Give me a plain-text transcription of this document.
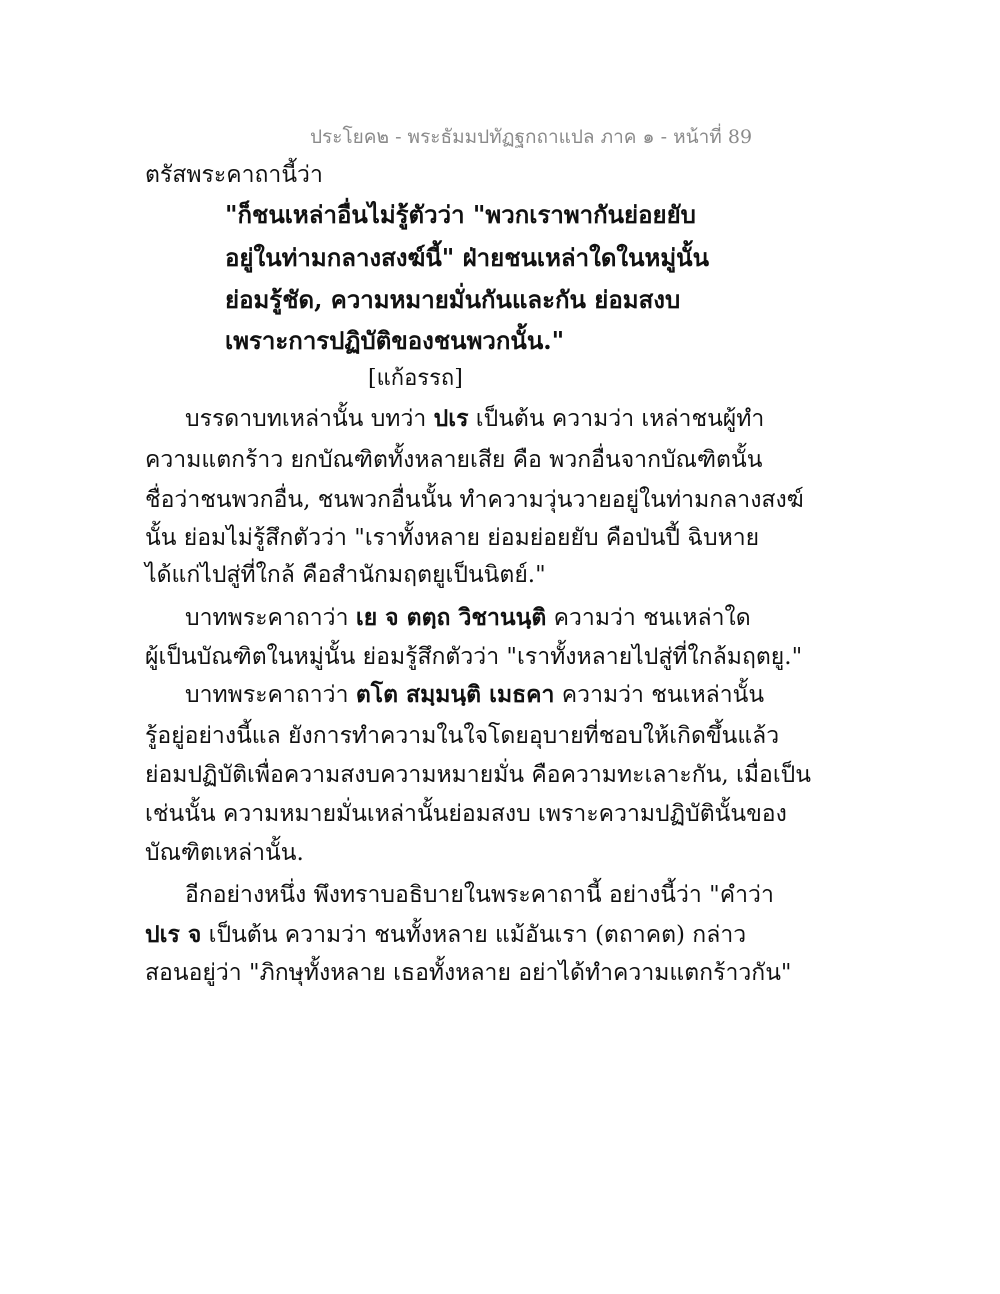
ประโยค๒ - พระธัมมปทัฏฐกถาแปล ภาค ๑ - หน้าที่ 89
ตรัสพระคาถานี้ว่า
"ก็ชนเหล่าอื่นไม่รู้ตัวว่า "พวกเราพากันย่อยยับ
อยู่ในท่ามกลางสงฆ์นี้" ฝ่ายชนเหล่าใดในหมู่นั้น
ย่อมรู้ชัด, ความหมายมั่นกันและกัน ย่อมสงบ
เพราะการปฏิบัติของชนพวกนั้น."
[แก้อรรถ]
บรรดาบทเหล่านั้น บทว่า ปเร เป็นต้น ความว่า เหล่าชนผู้ทำ
ความแตกร้าว ยกบัณฑิตทั้งหลายเสีย คือ พวกอื่นจากบัณฑิตนั้น
ชื่อว่าชนพวกอื่น, ชนพวกอื่นนั้น ทำความวุ่นวายอยู่ในท่ามกลางสงฆ์
นั้น ย่อมไม่รู้สึกตัวว่า "เราทั้งหลาย ย่อมย่อยยับ คือป่นปี้ ฉิบหาย
ได้แก่ไปสู่ที่ใกล้ คือสำนักมฤตยูเป็นนิตย์."
บาทพระคาถาว่า เย จ ตตฺถ วิชานนฺติ ความว่า ชนเหล่าใด
ผู้เป็นบัณฑิตในหมู่นั้น ย่อมรู้สึกตัวว่า "เราทั้งหลายไปสู่ที่ใกล้มฤตยู."
บาทพระคาถาว่า ตโต สมฺมนฺติ เมธคา ความว่า ชนเหล่านั้น
รู้อยู่อย่างนี้แล ยังการทำความในใจโดยอุบายที่ชอบให้เกิดขึ้นแล้ว
ย่อมปฏิบัติเพื่อความสงบความหมายมั่น คือความทะเลาะกัน, เมื่อเป็น
เช่นนั้น ความหมายมั่นเหล่านั้นย่อมสงบ เพราะความปฏิบัตินั้นของ
บัณฑิตเหล่านั้น.
อีกอย่างหนึ่ง พึงทราบอธิบายในพระคาถานี้ อย่างนี้ว่า "คำว่า
ปเร จ เป็นต้น ความว่า ชนทั้งหลาย แม้อันเรา (ตถาคต) กล่าว
สอนอยู่ว่า "ภิกษุทั้งหลาย เธอทั้งหลาย อย่าได้ทำความแตกร้าวกัน"
